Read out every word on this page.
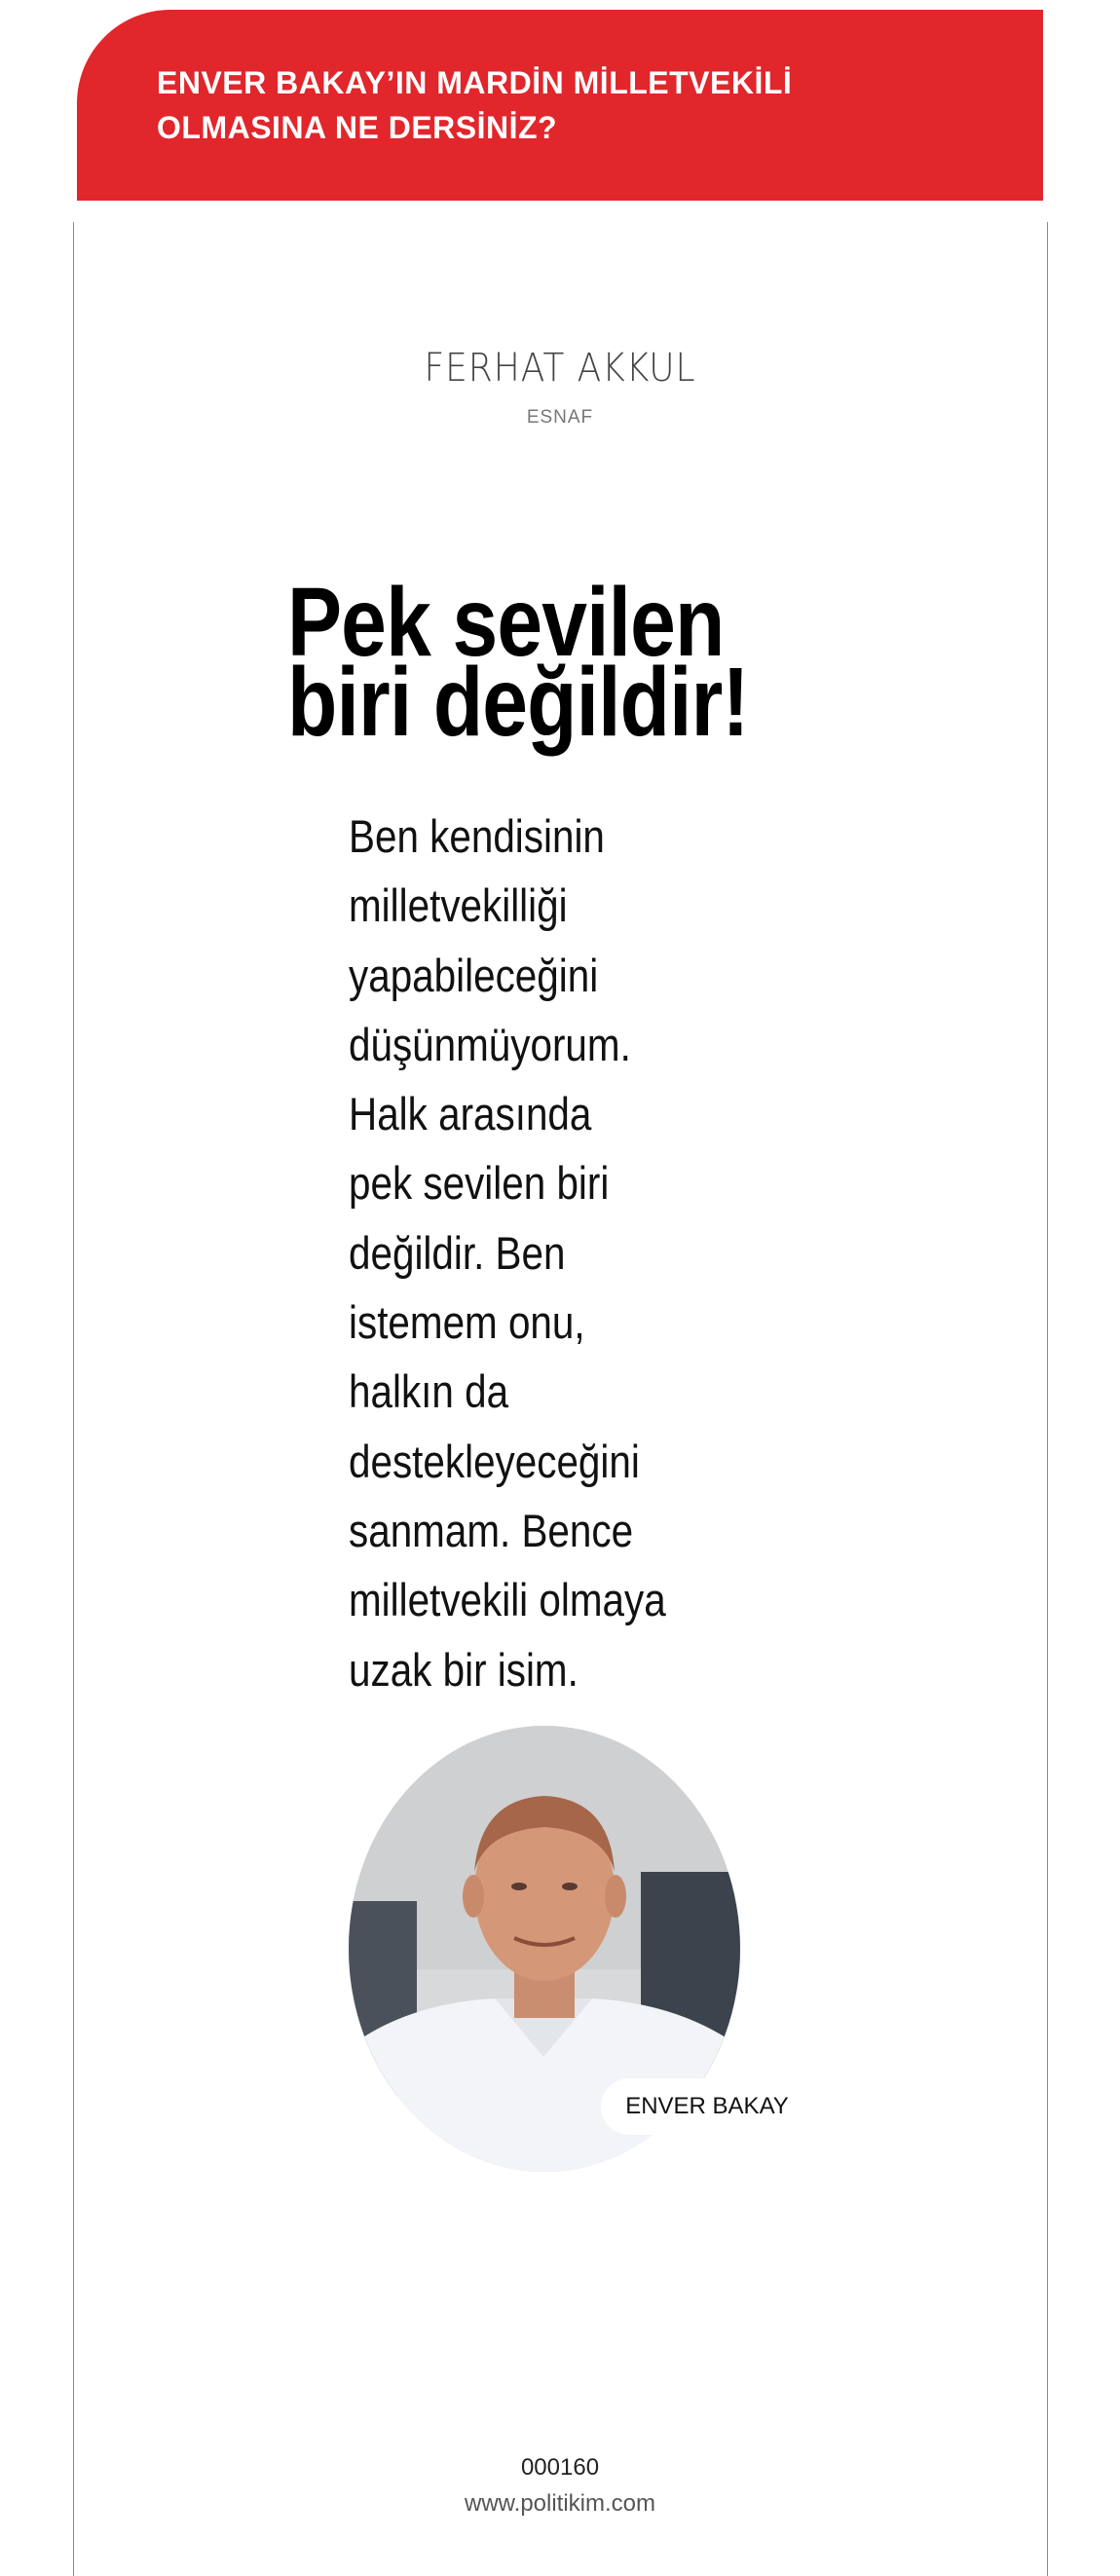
ENVER BAKAY’IN MARDİN MİLLETVEKİLİ
OLMASINA NE DERSİNİZ?
FERHAT AKKUL
ESNAF
Pek sevilen
biri değildir!
Ben kendisinin
milletvekilliği
yapabileceğini
düşünmüyorum.
Halk arasında
pek sevilen biri
değildir. Ben
istemem onu,
halkın da
destekleyeceğini
sanmam. Bence
milletvekili olmaya
uzak bir isim.
ENVER BAKAY
000160
www.politikim.com
